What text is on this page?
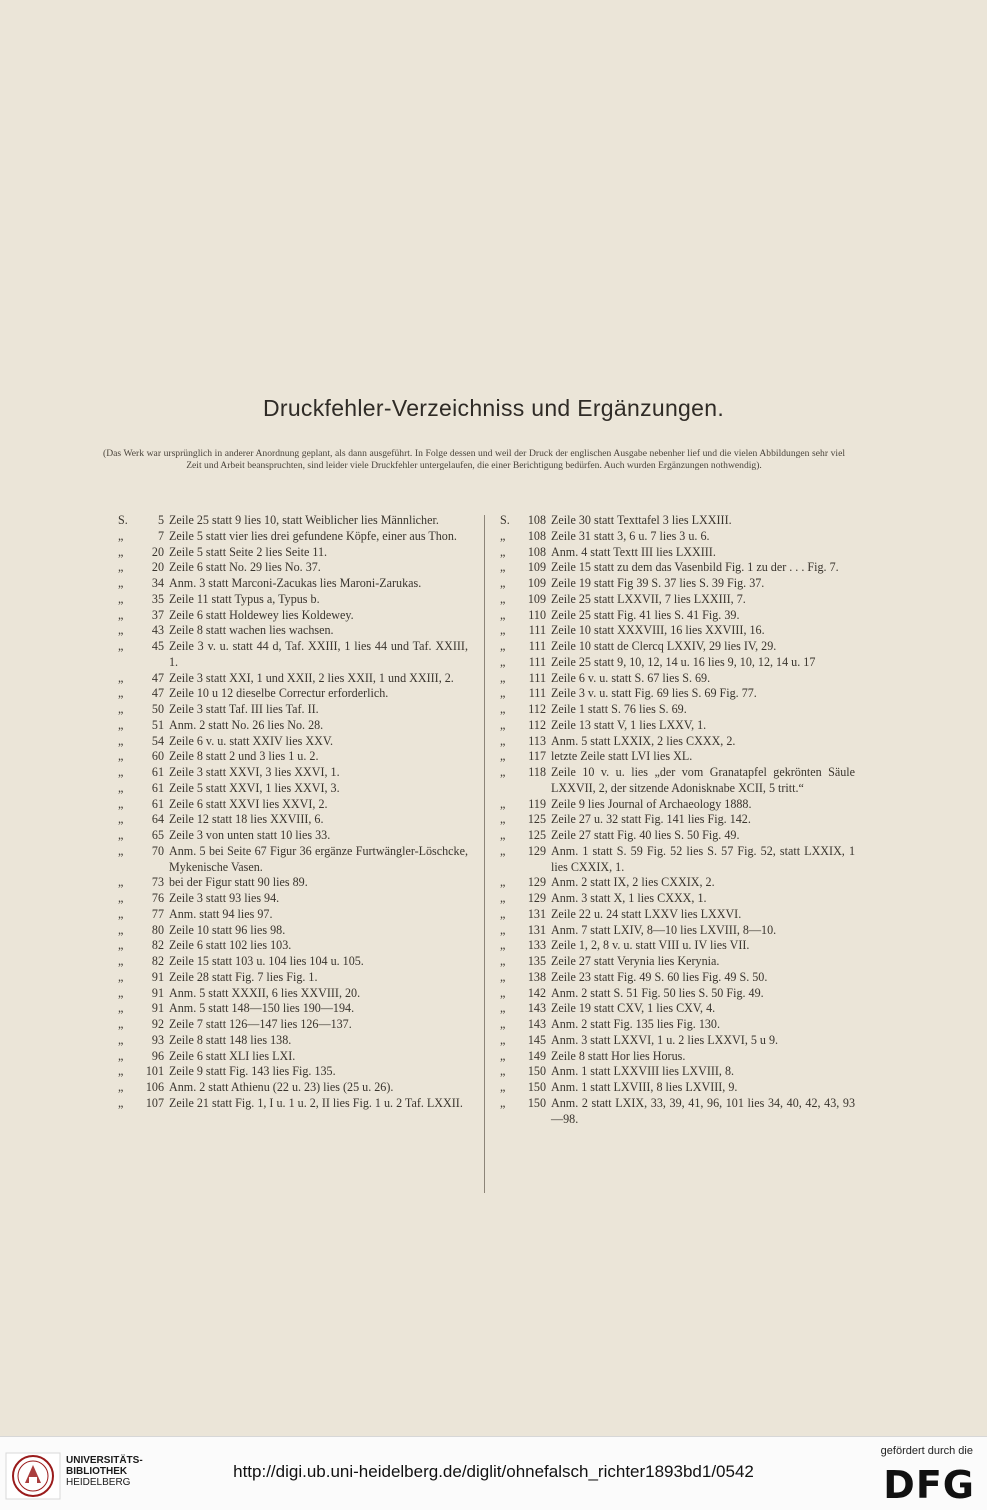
Druckfehler-Verzeichniss und Ergänzungen.
(Das Werk war ursprünglich in anderer Anordnung geplant, als dann ausgeführt. In Folge dessen und weil der Druck der englischen Ausgabe nebenher lief und die vielen Abbildungen sehr viel Zeit und Arbeit beanspruchten, sind leider viele Druckfehler untergelaufen, die einer Berichtigung bedürfen. Auch wurden Ergänzungen nothwendig).
S.	5 Zeile 25 statt 9 lies 10, statt Weiblicher lies Männlicher.
„	7 Zeile 5 statt vier lies drei gefundene Köpfe, einer aus Thon.
„	20 Zeile 5 statt Seite 2 lies Seite 11.
„	20 Zeile 6 statt No. 29 lies No. 37.
„	34 Anm. 3 statt Marconi-Zacukas lies Maroni-Zarukas.
„	35 Zeile 11 statt Typus a, Typus b.
„	37 Zeile 6 statt Holdewey lies Koldewey.
„	43 Zeile 8 statt wachen lies wachsen.
„	45 Zeile 3 v. u. statt 44 d, Taf. XXIII, 1 lies 44 und Taf. XXIII, 1.
„	47 Zeile 3 statt XXI, 1 und XXII, 2 lies XXII, 1 und XXIII, 2.
„	47 Zeile 10 u 12 dieselbe Correctur erforderlich.
„	50 Zeile 3 statt Taf. III lies Taf. II.
„	51 Anm. 2 statt No. 26 lies No. 28.
„	54 Zeile 6 v. u. statt XXIV lies XXV.
„	60 Zeile 8 statt 2 und 3 lies 1 u. 2.
„	61 Zeile 3 statt XXVI, 3 lies XXVI, 1.
„	61 Zeile 5 statt XXVI, 1 lies XXVI, 3.
„	61 Zeile 6 statt XXVI lies XXVI, 2.
„	64 Zeile 12 statt 18 lies XXVIII, 6.
„	65 Zeile 3 von unten statt 10 lies 33.
„	70 Anm. 5 bei Seite 67 Figur 36 ergänze Furtwängler-Löschcke, Mykenische Vasen.
„	73 bei der Figur statt 90 lies 89.
„	76 Zeile 3 statt 93 lies 94.
„	77 Anm. statt 94 lies 97.
„	80 Zeile 10 statt 96 lies 98.
„	82 Zeile 6 statt 102 lies 103.
„	82 Zeile 15 statt 103 u. 104 lies 104 u. 105.
„	91 Zeile 28 statt Fig. 7 lies Fig. 1.
„	91 Anm. 5 statt XXXII, 6 lies XXVIII, 20.
„	91 Anm. 5 statt 148—150 lies 190—194.
„	92 Zeile 7 statt 126—147 lies 126—137.
„	93 Zeile 8 statt 148 lies 138.
„	96 Zeile 6 statt XLI lies LXI.
„	101 Zeile 9 statt Fig. 143 lies Fig. 135.
„	106 Anm. 2 statt Athienu (22 u. 23) lies (25 u. 26).
„	107 Zeile 21 statt Fig. 1, I u. 1 u. 2, II lies Fig. 1 u. 2 Taf. LXXII.
S.	108 Zeile 30 statt Texttafel 3 lies LXXIII.
„	108 Zeile 31 statt 3, 6 u. 7 lies 3 u. 6.
„	108 Anm. 4 statt Textt III lies LXXIII.
„	109 Zeile 15 statt zu dem das Vasenbild Fig. 1 zu der . . . Fig. 7.
„	109 Zeile 19 statt Fig 39 S. 37 lies S. 39 Fig. 37.
„	109 Zeile 25 statt LXXVII, 7 lies LXXIII, 7.
„	110 Zeile 25 statt Fig. 41 lies S. 41 Fig. 39.
„	111 Zeile 10 statt XXXVIII, 16 lies XXVIII, 16.
„	111 Zeile 10 statt de Clercq LXXIV, 29 lies IV, 29.
„	111 Zeile 25 statt 9, 10, 12, 14 u. 16 lies 9, 10, 12, 14 u. 17
„	111 Zeile 6 v. u. statt S. 67 lies S. 69.
„	111 Zeile 3 v. u. statt Fig. 69 lies S. 69 Fig. 77.
„	112 Zeile 1 statt S. 76 lies S. 69.
„	112 Zeile 13 statt V, 1 lies LXXV, 1.
„	113 Anm. 5 statt LXXIX, 2 lies CXXX, 2.
„	117 letzte Zeile statt LVI lies XL.
„	118 Zeile 10 v. u. lies „der vom Granatapfel gekrönten Säule LXXVII, 2, der sitzende Adonisknabe XCII, 5 tritt.“
„	119 Zeile 9 lies Journal of Archaeology 1888.
„	125 Zeile 27 u. 32 statt Fig. 141 lies Fig. 142.
„	125 Zeile 27 statt Fig. 40 lies S. 50 Fig. 49.
„	129 Anm. 1 statt S. 59 Fig. 52 lies S. 57 Fig. 52, statt LXXIX, 1 lies CXXIX, 1.
„	129 Anm. 2 statt IX, 2 lies CXXIX, 2.
„	129 Anm. 3 statt X, 1 lies CXXX, 1.
„	131 Zeile 22 u. 24 statt LXXV lies LXXVI.
„	131 Anm. 7 statt LXIV, 8—10 lies LXVIII, 8—10.
„	133 Zeile 1, 2, 8 v. u. statt VIII u. IV lies VII.
„	135 Zeile 27 statt Verynia lies Kerynia.
„	138 Zeile 23 statt Fig. 49 S. 60 lies Fig. 49 S. 50.
„	142 Anm. 2 statt S. 51 Fig. 50 lies S. 50 Fig. 49.
„	143 Zeile 19 statt CXV, 1 lies CXV, 4.
„	143 Anm. 2 statt Fig. 135 lies Fig. 130.
„	145 Anm. 3 statt LXXVI, 1 u. 2 lies LXXVI, 5 u 9.
„	149 Zeile 8 statt Hor lies Horus.
„	150 Anm. 1 statt LXXVIII lies LXVIII, 8.
„	150 Anm. 1 statt LXVIII, 8 lies LXVIII, 9.
„	150 Anm. 2 statt LXIX, 33, 39, 41, 96, 101 lies 34, 40, 42, 43, 93—98.
UNIVERSITÄTS-
BIBLIOTHEK
HEIDELBERG
http://digi.ub.uni-heidelberg.de/diglit/ohnefalsch_richter1893bd1/0542
gefördert durch die
DFG
